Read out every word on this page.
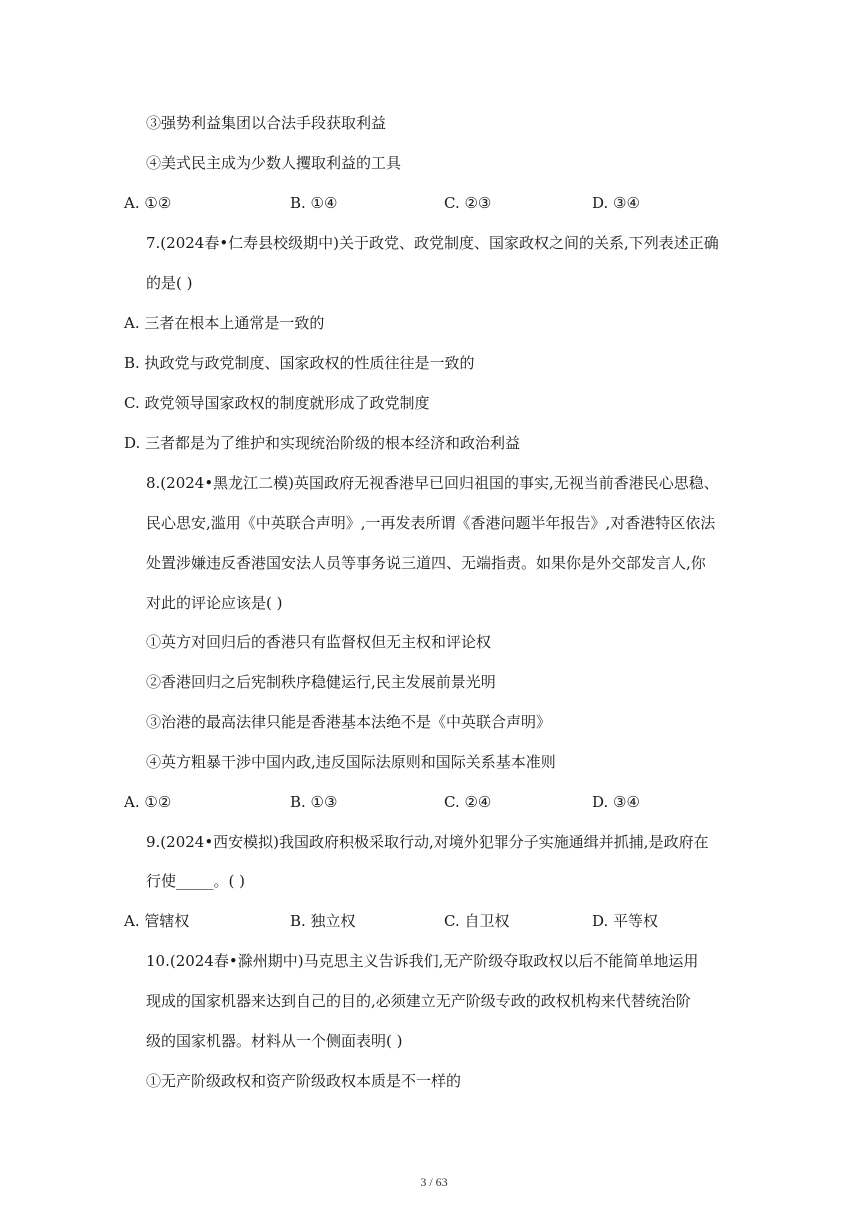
③强势利益集团以合法手段获取利益
④美式民主成为少数人攫取利益的工具
A. ①②	B. ①④	C. ②③	D. ③④
7.(2024春•仁寿县校级期中)关于政党、政党制度、国家政权之间的关系,下列表述正确
的是( )
A. 三者在根本上通常是一致的
B. 执政党与政党制度、国家政权的性质往往是一致的
C. 政党领导国家政权的制度就形成了政党制度
D. 三者都是为了维护和实现统治阶级的根本经济和政治利益
8.(2024•黑龙江二模)英国政府无视香港早已回归祖国的事实,无视当前香港民心思稳、
民心思安,滥用《中英联合声明》,一再发表所谓《香港问题半年报告》,对香港特区依法
处置涉嫌违反香港国安法人员等事务说三道四、无端指责。如果你是外交部发言人,你
对此的评论应该是( )
①英方对回归后的香港只有监督权但无主权和评论权
②香港回归之后宪制秩序稳健运行,民主发展前景光明
③治港的最高法律只能是香港基本法绝不是《中英联合声明》
④英方粗暴干涉中国内政,违反国际法原则和国际关系基本准则
A. ①②	B. ①③	C. ②④	D. ③④
9.(2024•西安模拟)我国政府积极采取行动,对境外犯罪分子实施通缉并抓捕,是政府在
行使_____。( )
A. 管辖权	B. 独立权	C. 自卫权	D. 平等权
10.(2024春•滁州期中)马克思主义告诉我们,无产阶级夺取政权以后不能简单地运用
现成的国家机器来达到自己的目的,必须建立无产阶级专政的政权机构来代替统治阶
级的国家机器。材料从一个侧面表明( )
①无产阶级政权和资产阶级政权本质是不一样的
3 / 63
